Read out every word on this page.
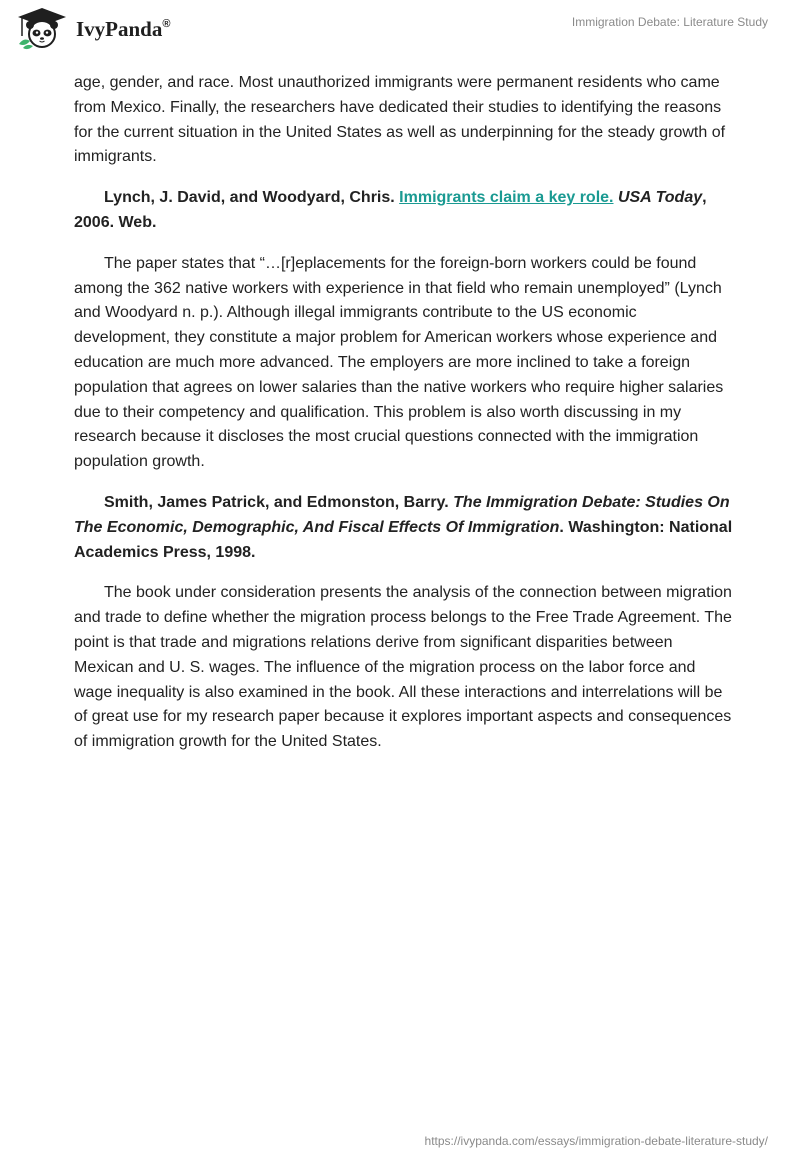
IvyPanda®	Immigration Debate: Literature Study

age, gender, and race. Most unauthorized immigrants were permanent residents who came from Mexico. Finally, the researchers have dedicated their studies to identifying the reasons for the current situation in the United States as well as underpinning for the steady growth of immigrants.

Lynch, J. David, and Woodyard, Chris. Immigrants claim a key role. USA Today, 2006. Web.

The paper states that “…[r]eplacements for the foreign-born workers could be found among the 362 native workers with experience in that field who remain unemployed” (Lynch and Woodyard n. p.). Although illegal immigrants contribute to the US economic development, they constitute a major problem for American workers whose experience and education are much more advanced. The employers are more inclined to take a foreign population that agrees on lower salaries than the native workers who require higher salaries due to their competency and qualification. This problem is also worth discussing in my research because it discloses the most crucial questions connected with the immigration population growth.

Smith, James Patrick, and Edmonston, Barry. The Immigration Debate: Studies On The Economic, Demographic, And Fiscal Effects Of Immigration. Washington: National Academics Press, 1998.

The book under consideration presents the analysis of the connection between migration and trade to define whether the migration process belongs to the Free Trade Agreement. The point is that trade and migrations relations derive from significant disparities between Mexican and U. S. wages. The influence of the migration process on the labor force and wage inequality is also examined in the book. All these interactions and interrelations will be of great use for my research paper because it explores important aspects and consequences of immigration growth for the United States.

https://ivypanda.com/essays/immigration-debate-literature-study/
